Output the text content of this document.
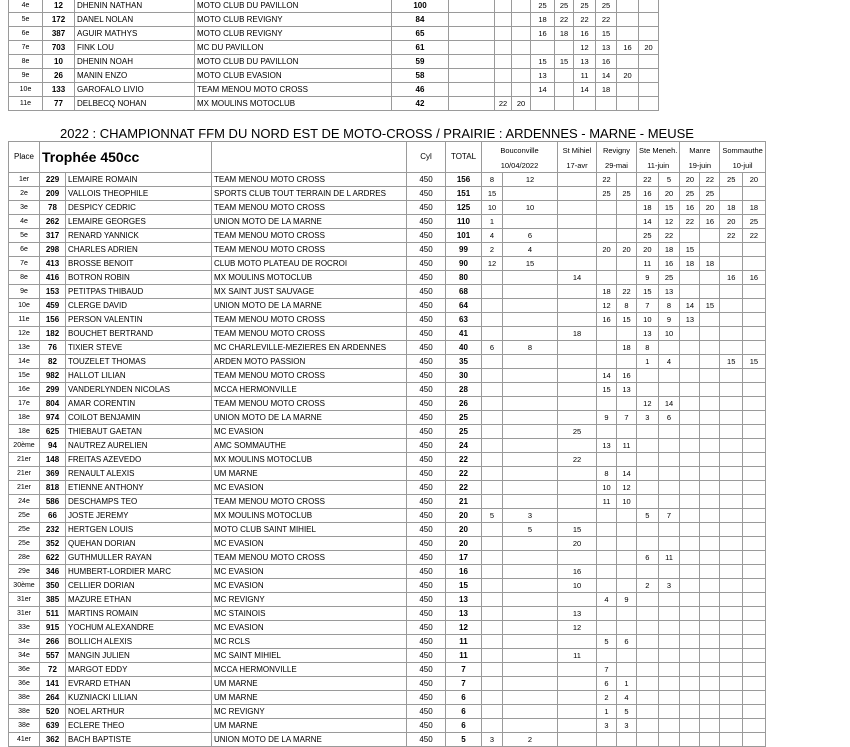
4e	12	DHENIN NATHAN	MOTO CLUB DU PAVILLON	100				25	25	25	25		
5e	172	DANEL NOLAN	MOTO CLUB REVIGNY	84				18	22	22	22		
6e	387	AGUIR MATHYS	MOTO CLUB REVIGNY	65				16	18	16	15		
7e	703	FINK LOU	MC DU PAVILLON	61						12	13	16	20
8e	10	DHENIN NOAH	MOTO CLUB DU PAVILLON	59				15	15	13	16		
9e	26	MANIN ENZO	MOTO CLUB EVASION	58				13		11	14	20	
10e	133	GAROFALO LIVIO	TEAM MENOU MOTO CROSS	46				14		14	18		
11e	77	DELBECQ NOHAN	MX MOULINS MOTOCLUB	42		22	20						
2022 : CHAMPIONNAT FFM DU NORD EST DE MOTO-CROSS / PRAIRIE : ARDENNES - MARNE - MEUSE
Place	Trophée 450cc			Cyl	TOTAL	Bouconville		St Mihiel	Revigny		Ste Meneh.		Manre		Sommauthe	
						10/04/2022		17-avr	29-mai		11-juin		19-juin		10-juil	
1er	229	LEMAIRE ROMAIN	TEAM MENOU MOTO CROSS	450	156	8	12		22		22	5	20	22	25	20
2e	209	VALLOIS THEOPHILE	SPORTS CLUB TOUT TERRAIN DE L ARDRES	450	151	15			25	25	16	20	25	25		
3e	78	DESPICY CEDRIC	TEAM MENOU MOTO CROSS	450	125	10	10				18	15	16	20	18	18
4e	262	LEMAIRE GEORGES	UNION MOTO DE LA MARNE	450	110	1					14	12	22	16	20	25
5e	317	RENARD YANNICK	TEAM MENOU MOTO CROSS	450	101	4	6				25	22			22	22
6e	298	CHARLES ADRIEN	TEAM MENOU MOTO CROSS	450	99	2	4		20	20	20	18	15			
7e	413	BROSSE BENOIT	CLUB MOTO PLATEAU DE ROCROI	450	90	12	15				11	16	18	18		
8e	416	BOTRON ROBIN	MX MOULINS MOTOCLUB	450	80			14			9	25			16	16
9e	153	PETITPAS THIBAUD	MX SAINT JUST SAUVAGE	450	68				18	22	15	13				
10e	459	CLERGE DAVID	UNION MOTO DE LA MARNE	450	64				12	8	7	8	14	15		
11e	156	PERSON VALENTIN	TEAM MENOU MOTO CROSS	450	63				16	15	10	9	13			
12e	182	BOUCHET BERTRAND	TEAM MENOU MOTO CROSS	450	41			18			13	10				
13e	76	TIXIER STEVE	MC CHARLEVILLE-MEZIERES EN ARDENNES	450	40	6	8			18	8					
14e	82	TOUZELET THOMAS	ARDEN MOTO PASSION	450	35						1	4			15	15
15e	982	HALLOT LILIAN	TEAM MENOU MOTO CROSS	450	30				14	16						
16e	299	VANDERLYNDEN NICOLAS	MCCA HERMONVILLE	450	28				15	13						
17e	804	AMAR CORENTIN	TEAM MENOU MOTO CROSS	450	26						12	14				
18e	974	COILOT BENJAMIN	UNION MOTO DE LA MARNE	450	25				9	7	3	6				
18e	625	THIEBAUT GAETAN	MC EVASION	450	25			25								
20ème	94	NAUTREZ AURELIEN	AMC SOMMAUTHE	450	24				13	11						
21er	148	FREITAS AZEVEDO	MX MOULINS MOTOCLUB	450	22			22								
21er	369	RENAULT ALEXIS	UM MARNE	450	22				8	14						
21er	818	ETIENNE ANTHONY	MC EVASION	450	22				10	12						
24e	586	DESCHAMPS TEO	TEAM MENOU MOTO CROSS	450	21				11	10						
25e	66	JOSTE JEREMY	MX MOULINS MOTOCLUB	450	20	5	3				5	7				
25e	232	HERTGEN LOUIS	MOTO CLUB SAINT MIHIEL	450	20		5	15								
25e	352	QUEHAN DORIAN	MC EVASION	450	20			20								
28e	622	GUTHMULLER RAYAN	TEAM MENOU MOTO CROSS	450	17						6	11				
29e	346	HUMBERT-LORDIER MARC	MC EVASION	450	16			16								
30ème	350	CELLIER DORIAN	MC EVASION	450	15			10			2	3				
31er	385	MAZURE ETHAN	MC REVIGNY	450	13				4	9						
31er	511	MARTINS ROMAIN	MC STAINOIS	450	13			13								
33e	915	YOCHUM ALEXANDRE	MC EVASION	450	12			12								
34e	266	BOLLICH ALEXIS	MC RCLS	450	11				5	6						
34e	557	MANGIN JULIEN	MC SAINT MIHIEL	450	11			11								
36e	72	MARGOT EDDY	MCCA HERMONVILLE	450	7				7							
36e	141	EVRARD ETHAN	UM MARNE	450	7				6	1						
38e	264	KUZNIACKI LILIAN	UM MARNE	450	6				2	4						
38e	520	NOEL ARTHUR	MC REVIGNY	450	6				1	5						
38e	639	ECLERE THEO	UM MARNE	450	6				3	3						
41er	362	BACH BAPTISTE	UNION MOTO DE LA MARNE	450	5	3	2									
